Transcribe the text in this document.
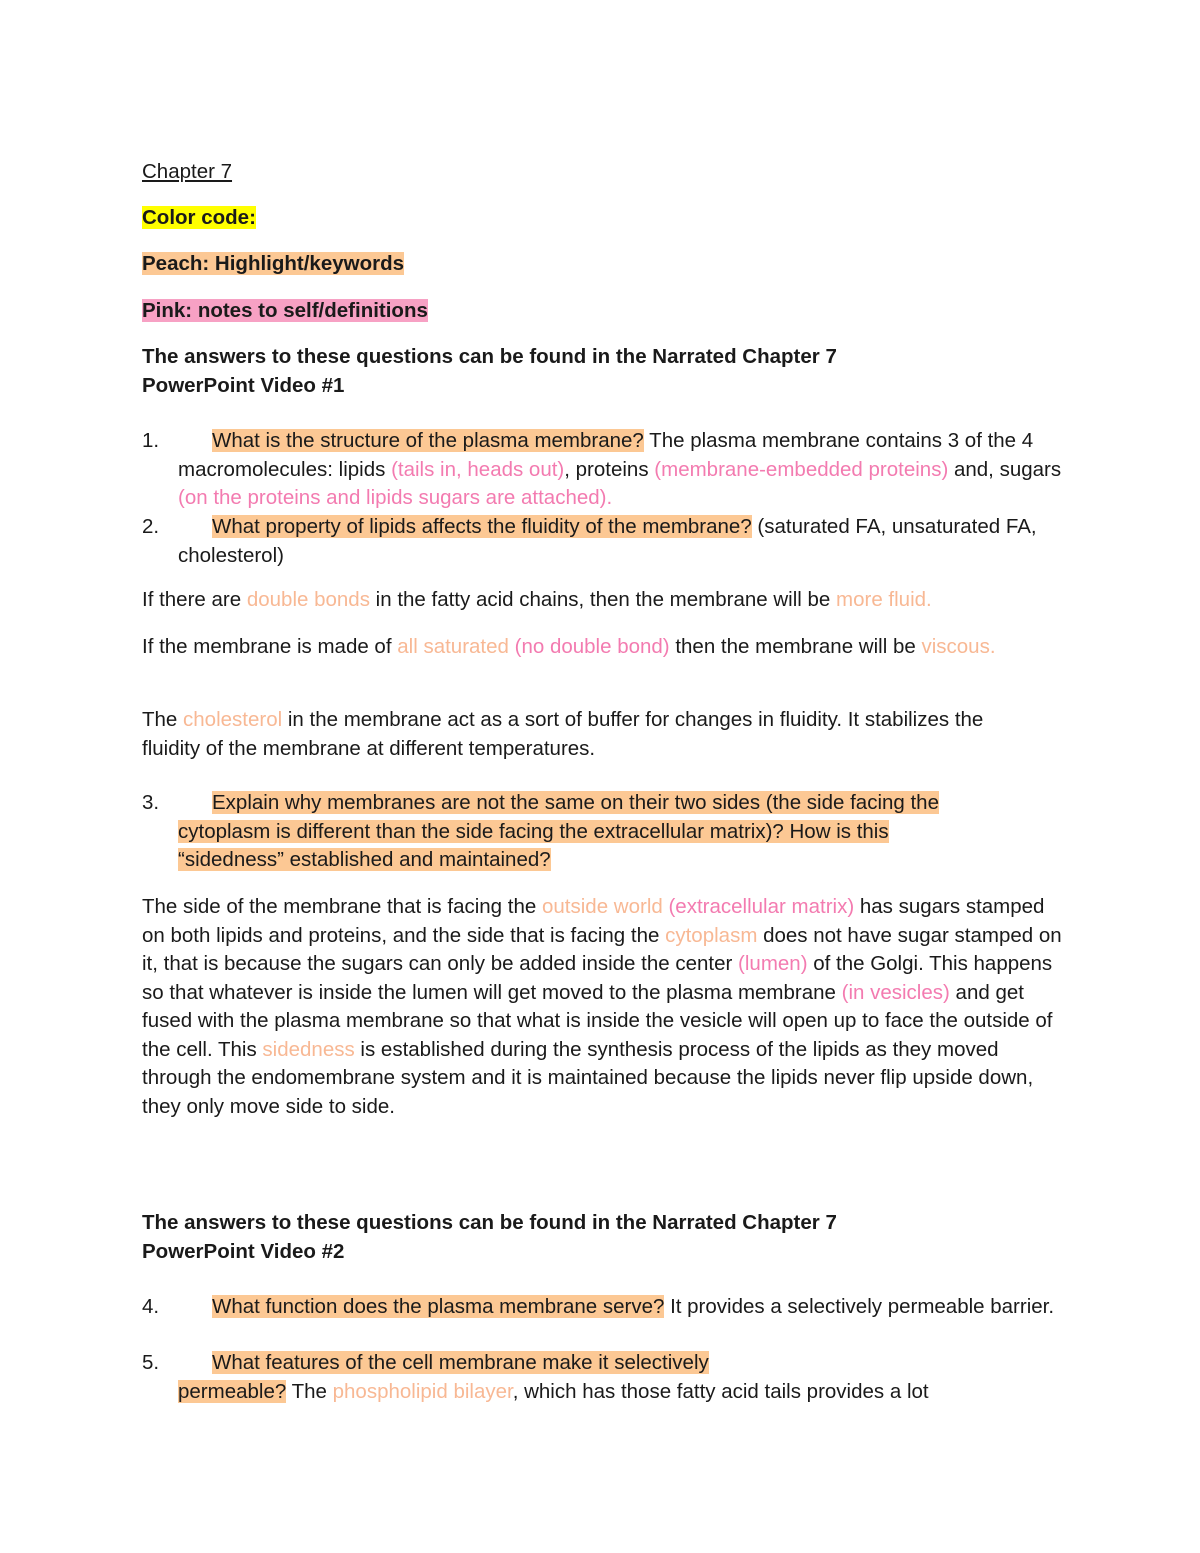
Chapter 7
Color code:
Peach: Highlight/keywords
Pink: notes to self/definitions
The answers to these questions can be found in the Narrated Chapter 7
PowerPoint Video #1
1.	What is the structure of the plasma membrane? The plasma membrane contains 3 of the 4 macromolecules: lipids (tails in, heads out), proteins (membrane-embedded proteins) and, sugars (on the proteins and lipids sugars are attached).
2.	What property of lipids affects the fluidity of the membrane? (saturated FA, unsaturated FA, cholesterol)
If there are double bonds in the fatty acid chains, then the membrane will be more fluid.
If the membrane is made of all saturated (no double bond) then the membrane will be viscous.
The cholesterol in the membrane act as a sort of buffer for changes in fluidity. It stabilizes the fluidity of the membrane at different temperatures.
3.	Explain why membranes are not the same on their two sides (the side facing the
cytoplasm is different than the side facing the extracellular matrix)? How is this
“sidedness” established and maintained?
The side of the membrane that is facing the outside world (extracellular matrix) has sugars stamped on both lipids and proteins, and the side that is facing the cytoplasm does not have sugar stamped on it, that is because the sugars can only be added inside the center (lumen) of the Golgi. This happens so that whatever is inside the lumen will get moved to the plasma membrane (in vesicles) and get fused with the plasma membrane so that what is inside the vesicle will open up to face the outside of the cell. This sidedness is established during the synthesis process of the lipids as they moved through the endomembrane system and it is maintained because the lipids never flip upside down, they only move side to side.
The answers to these questions can be found in the Narrated Chapter 7
PowerPoint Video #2
4.	What function does the plasma membrane serve? It provides a selectively permeable barrier.
5.	What features of the cell membrane make it selectively
permeable? The phospholipid bilayer, which has those fatty acid tails provides a lot
